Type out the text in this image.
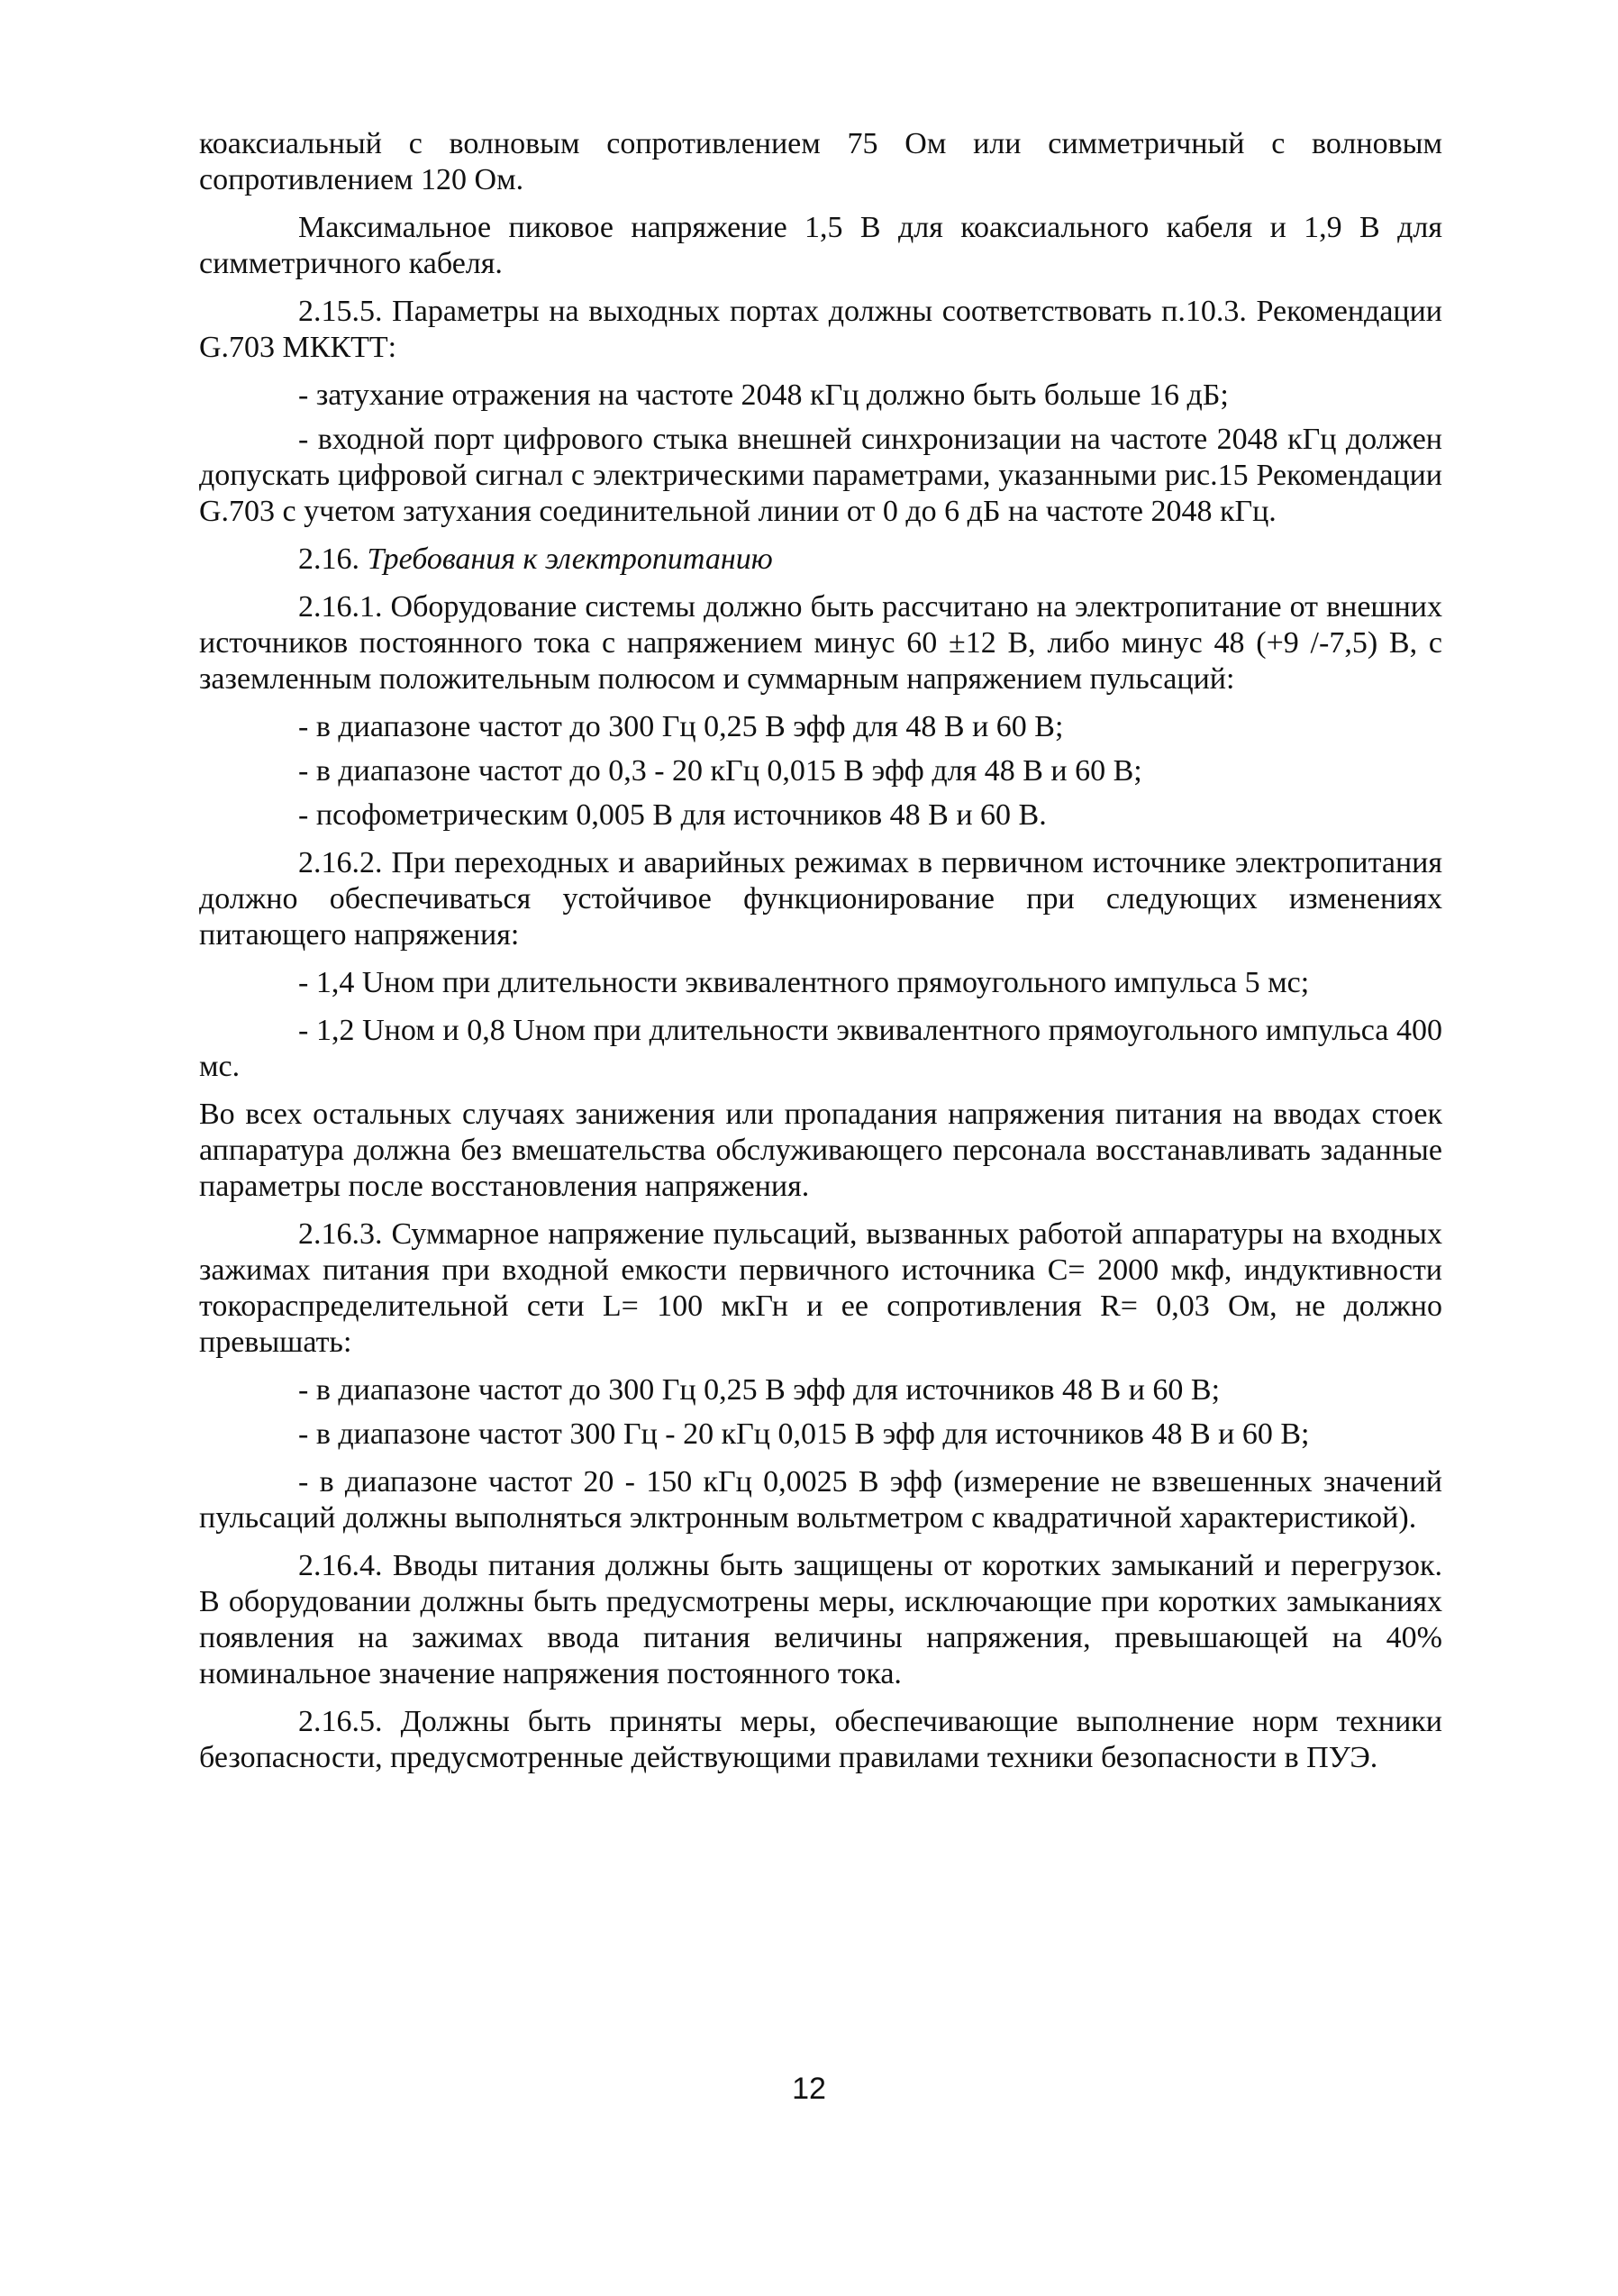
коаксиальный с волновым сопротивлением 75 Ом или симметричный с волновым сопротивлением 120 Ом.

Максимальное пиковое напряжение 1,5 В для коаксиального кабеля и 1,9 В для симметричного кабеля.

2.15.5. Параметры на выходных портах должны соответствовать п.10.3. Рекомендации G.703 МККТТ:

- затухание отражения на частоте 2048 кГц должно быть больше 16 дБ;

- входной порт цифрового стыка внешней синхронизации на частоте 2048 кГц должен допускать цифровой сигнал с электрическими параметрами, указанными рис.15 Рекомендации G.703 с учетом затухания соединительной линии от 0 до 6 дБ на частоте 2048 кГц.

2.16. Требования к электропитанию

2.16.1. Оборудование системы должно быть рассчитано на электропитание от внешних источников постоянного тока с напряжением минус 60 ±12 В, либо минус 48 (+9 /-7,5) В, с заземленным положительным полюсом и суммарным напряжением пульсаций:

- в диапазоне частот до 300 Гц 0,25 В эфф для 48 В и 60 В;

- в диапазоне частот до 0,3 - 20 кГц 0,015 В эфф для 48 В и 60 В;

- псофометрическим 0,005 В для источников 48 В и 60 В.

2.16.2. При переходных и аварийных режимах в первичном источнике электропитания должно обеспечиваться устойчивое функционирование при следующих изменениях питающего напряжения:

- 1,4 Uном при длительности эквивалентного прямоугольного импульса 5 мс;

- 1,2 Uном и 0,8 Uном при длительности эквивалентного прямоугольного импульса 400 мс.

Во всех остальных случаях занижения или пропадания напряжения питания на вводах стоек аппаратура должна без вмешательства обслуживающего персонала восстанавливать заданные параметры после восстановления напряжения.

2.16.3. Суммарное напряжение пульсаций, вызванных работой аппаратуры на входных зажимах питания при входной емкости первичного источника C= 2000 мкф, индуктивности токораспределительной сети L= 100 мкГн и ее сопротивления R= 0,03 Ом, не должно превышать:

- в диапазоне частот до 300 Гц 0,25 В эфф для источников 48 В и 60 В;

- в диапазоне частот 300 Гц - 20 кГц 0,015 В эфф для источников 48 В и 60 В;

- в диапазоне частот 20 - 150 кГц 0,0025 В эфф (измерение не взвешенных значений пульсаций должны выполняться элктронным вольтметром с квадратичной характеристикой).

2.16.4. Вводы питания должны быть защищены от коротких замыканий и перегрузок. В оборудовании должны быть предусмотрены меры, исключающие при коротких замыканиях появления на зажимах ввода питания величины напряжения, превышающей на 40% номинальное значение напряжения постоянного тока.

2.16.5. Должны быть приняты меры, обеспечивающие выполнение норм техники безопасности, предусмотренные действующими правилами техники безопасности в ПУЭ.

12
